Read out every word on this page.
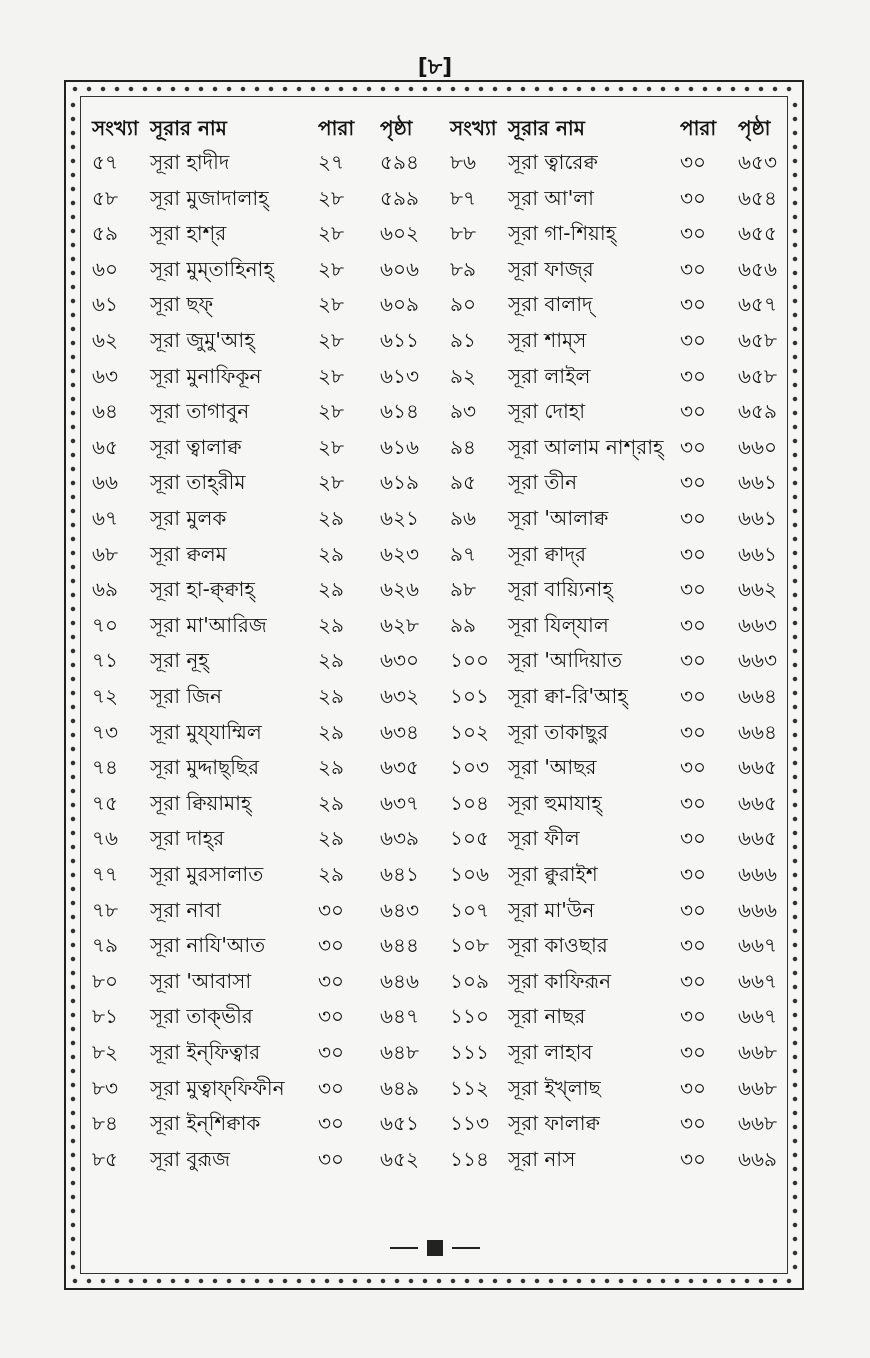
[৮]
সংখ্যা সূরার নাম	পারা	পৃষ্ঠা	সংখ্যা সূরার নাম	পারা	পৃষ্ঠা
৫৭	সূরা হাদীদ	২৭	৫৯৪	৮৬	সূরা ত্বারেক্ব	৩০	৬৫৩
৫৮	সূরা মুজাদালাহ্	২৮	৫৯৯	৮৭	সূরা আ'লা	৩০	৬৫৪
৫৯	সূরা হাশ্‌র	২৮	৬০২	৮৮	সূরা গা-শিয়াহ্	৩০	৬৫৫
৬০	সূরা মুম্‌তাহিনাহ্	২৮	৬০৬	৮৯	সূরা ফাজ্‌র	৩০	৬৫৬
৬১	সূরা ছফ্	২৮	৬০৯	৯০	সূরা বালাদ্	৩০	৬৫৭
৬২	সূরা জুমু'আহ্	২৮	৬১১	৯১	সূরা শাম্‌স	৩০	৬৫৮
৬৩	সূরা মুনাফিকূন	২৮	৬১৩	৯২	সূরা লাইল	৩০	৬৫৮
৬৪	সূরা তাগাবুন	২৮	৬১৪	৯৩	সূরা দোহা	৩০	৬৫৯
৬৫	সূরা ত্বালাক্ব	২৮	৬১৬	৯৪	সূরা আলাম নাশ্‌রাহ্ ৩০	৬৬০
৬৬	সূরা তাহ্‌রীম	২৮	৬১৯	৯৫	সূরা তীন	৩০	৬৬১
৬৭	সূরা মুলক	২৯	৬২১	৯৬	সূরা 'আলাক্ব	৩০	৬৬১
৬৮	সূরা ক্বলম	২৯	৬২৩	৯৭	সূরা ক্বাদ্‌র	৩০	৬৬১
৬৯	সূরা হা-ক্ব্‌ক্বাহ্	২৯	৬২৬	৯৮	সূরা বায়্যিনাহ্	৩০	৬৬২
৭০	সূরা মা'আরিজ	২৯	৬২৮	৯৯	সূরা যিল্‌যাল	৩০	৬৬৩
৭১	সূরা নূহ্	২৯	৬৩০	১০০ সূরা 'আদিয়াত	৩০	৬৬৩
৭২	সূরা জিন	২৯	৬৩২	১০১ সূরা ক্বা-রি'আহ্	৩০	৬৬৪
৭৩	সূরা মুয্‌যাম্মিল	২৯	৬৩৪	১০২ সূরা তাকাছুর	৩০	৬৬৪
৭৪	সূরা মুদ্দাছ্‌ছির	২৯	৬৩৫	১০৩ সূরা 'আছর	৩০	৬৬৫
৭৫	সূরা ক্বিয়ামাহ্	২৯	৬৩৭	১০৪ সূরা হুমাযাহ্	৩০	৬৬৫
৭৬	সূরা দাহ্‌র	২৯	৬৩৯	১০৫ সূরা ফীল	৩০	৬৬৫
৭৭	সূরা মুরসালাত	২৯	৬৪১	১০৬ সূরা ক্বুরাইশ	৩০	৬৬৬
৭৮	সূরা নাবা	৩০	৬৪৩	১০৭ সূরা মা'উন	৩০	৬৬৬
৭৯	সূরা নাযি'আত	৩০	৬৪৪	১০৮ সূরা কাওছার	৩০	৬৬৭
৮০	সূরা 'আবাসা	৩০	৬৪৬	১০৯ সূরা কাফিরূন	৩০	৬৬৭
৮১	সূরা তাক্‌ভীর	৩০	৬৪৭	১১০ সূরা নাছর	৩০	৬৬৭
৮২	সূরা ইন্‌ফিত্বার	৩০	৬৪৮	১১১ সূরা লাহাব	৩০	৬৬৮
৮৩	সূরা মুত্বাফ্‌ফিফীন	৩০	৬৪৯	১১২ সূরা ইখ্‌লাছ	৩০	৬৬৮
৮৪	সূরা ইন্‌শিক্বাক	৩০	৬৫১	১১৩ সূরা ফালাক্ব	৩০	৬৬৮
৮৫	সূরা বুরূজ	৩০	৬৫২	১১৪ সূরা নাস	৩০	৬৬৯
